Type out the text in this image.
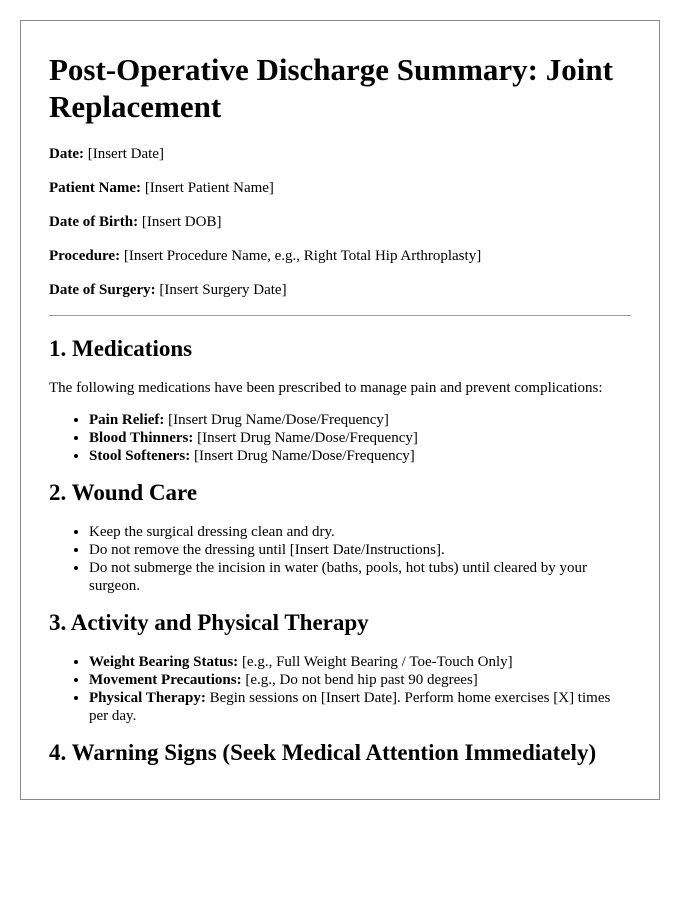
Post-Operative Discharge Summary: Joint Replacement
Date: [Insert Date]
Patient Name: [Insert Patient Name]
Date of Birth: [Insert DOB]
Procedure: [Insert Procedure Name, e.g., Right Total Hip Arthroplasty]
Date of Surgery: [Insert Surgery Date]
1. Medications

The following medications have been prescribed to manage pain and prevent complications:

• Pain Relief: [Insert Drug Name/Dose/Frequency]
• Blood Thinners: [Insert Drug Name/Dose/Frequency]
• Stool Softeners: [Insert Drug Name/Dose/Frequency]
2. Wound Care
• Keep the surgical dressing clean and dry.
• Do not remove the dressing until [Insert Date/Instructions].
• Do not submerge the incision in water (baths, pools, hot tubs) until cleared by your surgeon.
3. Activity and Physical Therapy
• Weight Bearing Status: [e.g., Full Weight Bearing / Toe-Touch Only]
• Movement Precautions: [e.g., Do not bend hip past 90 degrees]
• Physical Therapy: Begin sessions on [Insert Date]. Perform home exercises [X] times per day.
4. Warning Signs (Seek Medical Attention Immediately)
